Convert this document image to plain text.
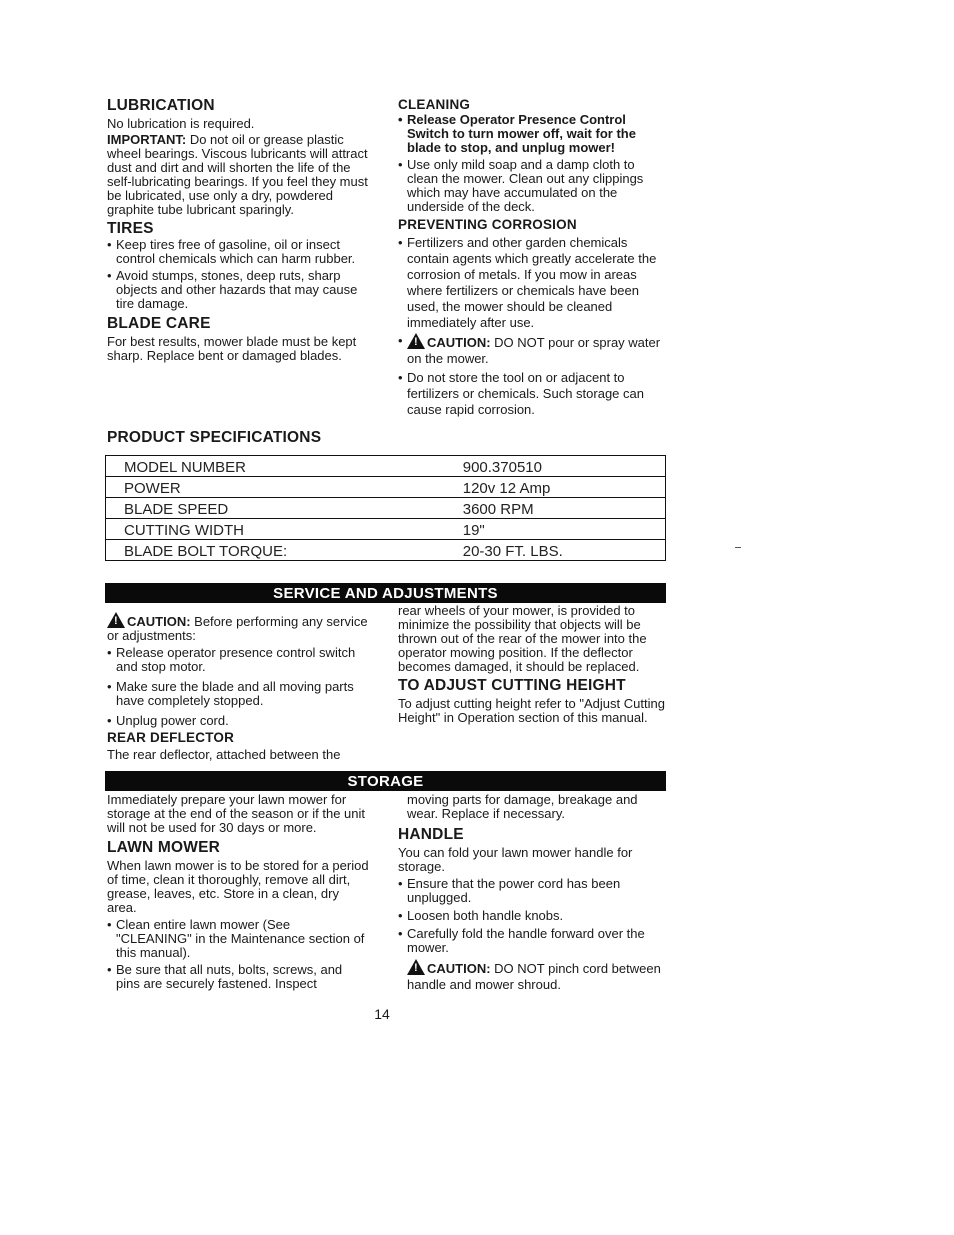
LUBRICATION

No lubrication is required.

IMPORTANT: Do not oil or grease plastic wheel bearings. Viscous lubricants will attract dust and dirt and will shorten the life of the self-lubricating bearings. If you feel they must be lubricated, use only a dry, powdered graphite tube lubricant sparingly.

TIRES
• Keep tires free of gasoline, oil or insect control chemicals which can harm rubber.
• Avoid stumps, stones, deep ruts, sharp objects and other hazards that may cause tire damage.
BLADE CARE

For best results, mower blade must be kept sharp. Replace bent or damaged blades.

CLEANING
• Release Operator Presence Control Switch to turn mower off, wait for the blade to stop, and unplug mower!
• Use only mild soap and a damp cloth to clean the mower. Clean out any clippings which may have accumulated on the underside of the deck.
PREVENTING CORROSION
• Fertilizers and other garden chemicals contain agents which greatly accelerate the corrosion of metals. If you mow in areas where fertilizers or chemicals have been used, the mower should be cleaned immediately after use.
!• CAUTION: DO NOT pour or spray water on the mower.
• Do not store the tool on or adjacent to fertilizers or chemicals. Such storage can cause rapid corrosion.
PRODUCT SPECIFICATIONS
MODEL NUMBER	900.370510
POWER	120v 12 Amp
BLADE SPEED	3600 RPM
CUTTING WIDTH	19"
BLADE BOLT TORQUE:	20-30 FT. LBS.
SERVICE AND ADJUSTMENTS

!CAUTION: Before performing any service or adjustments:

• Release operator presence control switch and stop motor.
• Make sure the blade and all moving parts have completely stopped.
• Unplug power cord.
REAR DEFLECTOR

The rear deflector, attached between the

rear wheels of your mower, is provided to minimize the possibility that objects will be thrown out of the rear of the mower into the operator mowing position. If the deflector becomes damaged, it should be replaced.

TO ADJUST CUTTING HEIGHT

To adjust cutting height refer to "Adjust Cutting Height" in Operation section of this manual.

STORAGE

Immediately prepare your lawn mower for storage at the end of the season or if the unit will not be used for 30 days or more.

LAWN MOWER

When lawn mower is to be stored for a period of time, clean it thoroughly, remove all dirt, grease, leaves, etc. Store in a clean, dry area.

• Clean entire lawn mower (See "CLEANING" in the Maintenance section of this manual).
• Be sure that all nuts, bolts, screws, and pins are securely fastened. Inspect

moving parts for damage, breakage and wear. Replace if necessary.

HANDLE

You can fold your lawn mower handle for storage.

• Ensure that the power cord has been unplugged.
• Loosen both handle knobs.
• Carefully fold the handle forward over the mower.

!CAUTION: DO NOT pinch cord between handle and mower shroud.

14
